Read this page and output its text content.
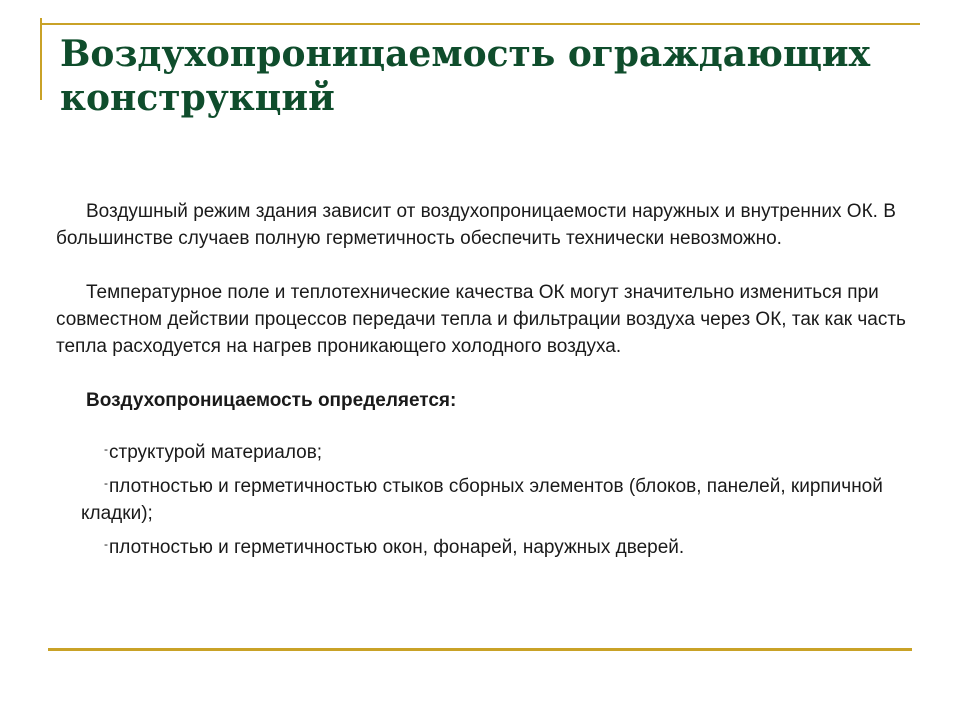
Воздухопроницаемость ограждающих конструкций

Воздушный режим здания зависит от воздухопроницаемости наружных и внутренних ОК. В большинстве случаев полную герметичность обеспечить технически невозможно.

Температурное поле и теплотехнические качества ОК могут значительно измениться при совместном действии процессов передачи тепла и фильтрации воздуха через ОК, так как часть тепла расходуется на нагрев проникающего холодного воздуха.

Воздухопроницаемость определяется:

-структурой материалов;
-плотностью и герметичностью стыков сборных элементов (блоков, панелей, кирпичной кладки);
-плотностью и герметичностью окон, фонарей, наружных дверей.
